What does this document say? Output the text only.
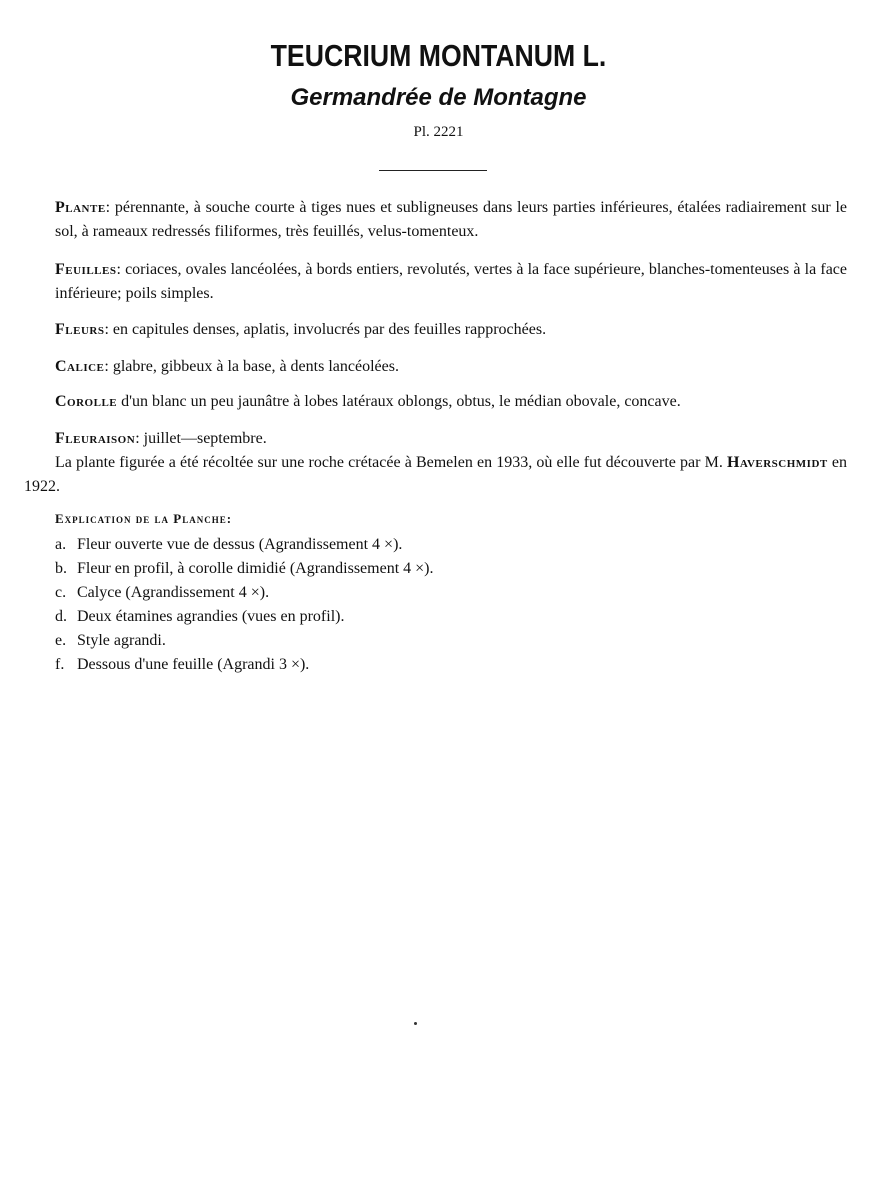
TEUCRIUM MONTANUM L.
Germandrée de Montagne
Pl. 2221

Plante: pérennante, à souche courte à tiges nues et subligneuses dans leurs parties inférieures, étalées radiairement sur le sol, à rameaux redressés filiformes, très feuillés, velus-tomenteux.

Feuilles: coriaces, ovales lancéolées, à bords entiers, revolutés, vertes à la face supérieure, blanches-tomenteuses à la face inférieure; poils simples.

Fleurs: en capitules denses, aplatis, involucrés par des feuilles rapprochées.

Calice: glabre, gibbeux à la base, à dents lancéolées.

Corolle d'un blanc un peu jaunâtre à lobes latéraux oblongs, obtus, le médian obovale, concave.

Fleuraison: juillet—septembre.

La plante figurée a été récoltée sur une roche crétacée à Bemelen en 1933, où elle fut découverte par M. Haverschmidt en 1922.

Explication de la Planche:
a. Fleur ouverte vue de dessus (Agrandissement 4 ×).
b. Fleur en profil, à corolle dimidié (Agrandissement 4 ×).
c. Calyce (Agrandissement 4 ×).
d. Deux étamines agrandies (vues en profil).
e. Style agrandi.
f. Dessous d'une feuille (Agrandi 3 ×).
